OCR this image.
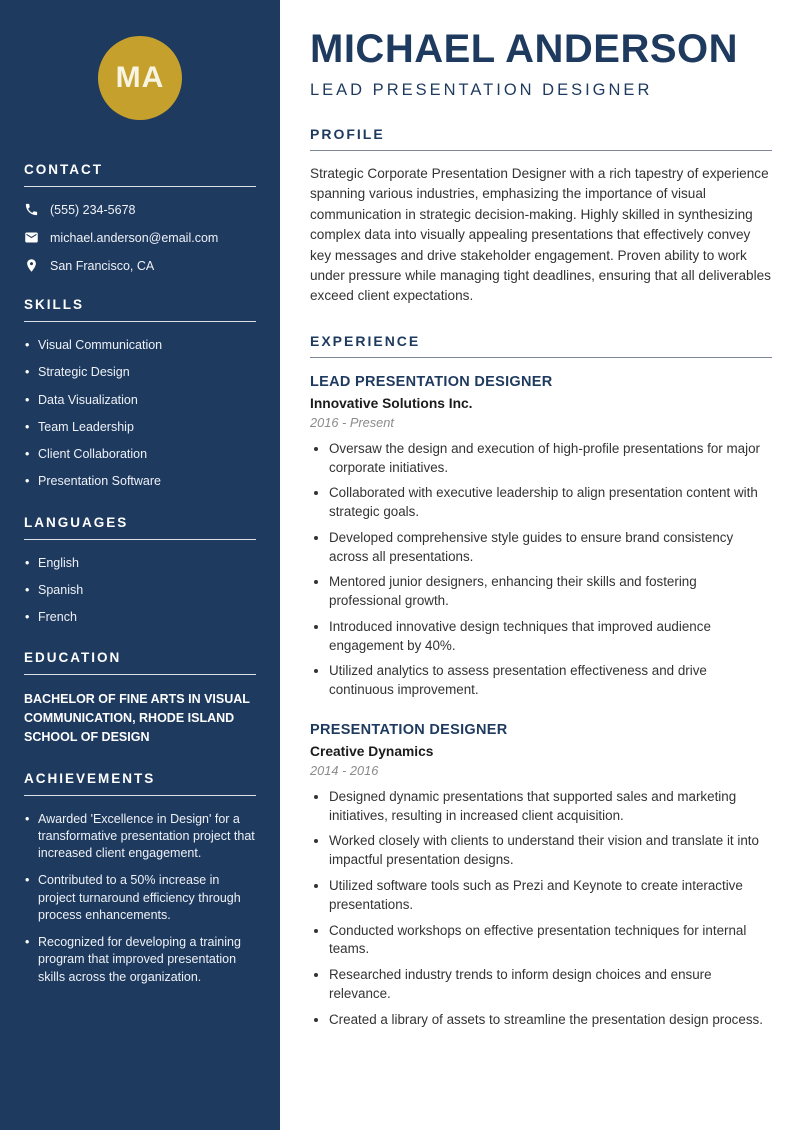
MA
CONTACT
(555) 234-5678
michael.anderson@email.com
San Francisco, CA
SKILLS
• Visual Communication
• Strategic Design
• Data Visualization
• Team Leadership
• Client Collaboration
• Presentation Software
LANGUAGES
• English
• Spanish
• French
EDUCATION

BACHELOR OF FINE ARTS IN VISUAL COMMUNICATION, RHODE ISLAND SCHOOL OF DESIGN

ACHIEVEMENTS
• Awarded 'Excellence in Design' for a transformative presentation project that increased client engagement.
• Contributed to a 50% increase in project turnaround efficiency through process enhancements.
• Recognized for developing a training program that improved presentation skills across the organization.
MICHAEL ANDERSON
LEAD PRESENTATION DESIGNER
PROFILE

Strategic Corporate Presentation Designer with a rich tapestry of experience spanning various industries, emphasizing the importance of visual communication in strategic decision-making. Highly skilled in synthesizing complex data into visually appealing presentations that effectively convey key messages and drive stakeholder engagement. Proven ability to work under pressure while managing tight deadlines, ensuring that all deliverables exceed client expectations.

EXPERIENCE
LEAD PRESENTATION DESIGNER
Innovative Solutions Inc.
2016 - Present
• Oversaw the design and execution of high-profile presentations for major corporate initiatives.
• Collaborated with executive leadership to align presentation content with strategic goals.
• Developed comprehensive style guides to ensure brand consistency across all presentations.
• Mentored junior designers, enhancing their skills and fostering professional growth.
• Introduced innovative design techniques that improved audience engagement by 40%.
• Utilized analytics to assess presentation effectiveness and drive continuous improvement.
PRESENTATION DESIGNER
Creative Dynamics
2014 - 2016
• Designed dynamic presentations that supported sales and marketing initiatives, resulting in increased client acquisition.
• Worked closely with clients to understand their vision and translate it into impactful presentation designs.
• Utilized software tools such as Prezi and Keynote to create interactive presentations.
• Conducted workshops on effective presentation techniques for internal teams.
• Researched industry trends to inform design choices and ensure relevance.
• Created a library of assets to streamline the presentation design process.
